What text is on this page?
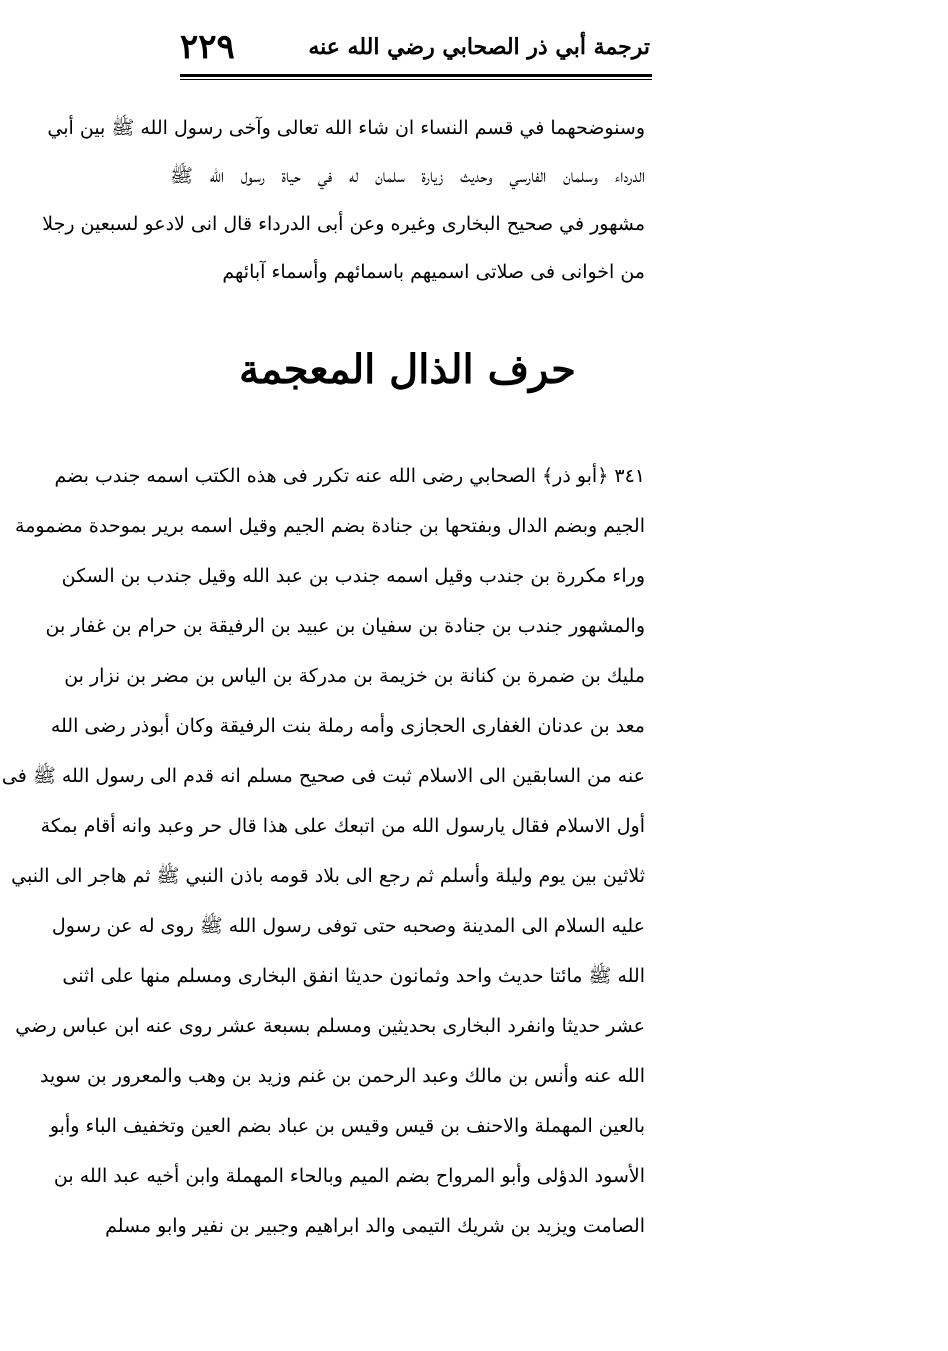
ترجمة أبي ذر الصحابي رضي الله عنه
٢٢٩
وسنوضحهما في قسم النساء ان شاء الله تعالى وآخى رسول الله ﷺ بين أبي
الدرداء وسلمان الفارسي وحديث زيارة سلمان له في حياة رسول الله ﷺ
مشهور في صحيح البخارى وغيره وعن أبى الدرداء قال انى لادعو لسبعين رجلا
من اخوانى فى صلاتى اسميهم باسمائهم وأسماء آبائهم
حرف الذال المعجمة
٣٤١ ﴿أبو ذر﴾ الصحابي رضى الله عنه تكرر فى هذه الكتب اسمه جندب بضم
الجيم وبضم الدال وبفتحها بن جنادة بضم الجيم وقيل اسمه برير بموحدة مضمومة
وراء مكررة بن جندب وقيل اسمه جندب بن عبد الله وقيل جندب بن السكن
والمشهور جندب بن جنادة بن سفيان بن عبيد بن الرفيقة بن حرام بن غفار بن
مليك بن ضمرة بن كنانة بن خزيمة بن مدركة بن الياس بن مضر بن نزار بن
معد بن عدنان الغفارى الحجازى وأمه رملة بنت الرفيقة وكان أبوذر رضى الله
عنه من السابقين الى الاسلام ثبت فى صحيح مسلم انه قدم الى رسول الله ﷺ فى
أول الاسلام فقال يارسول الله من اتبعك على هذا قال حر وعبد وانه أقام بمكة
ثلاثين بين يوم وليلة وأسلم ثم رجع الى بلاد قومه باذن النبي ﷺ ثم هاجر الى النبي
عليه السلام الى المدينة وصحبه حتى توفى رسول الله ﷺ روى له عن رسول
الله ﷺ مائتا حديث واحد وثمانون حديثا انفق البخارى ومسلم منها على اثنى
عشر حديثا وانفرد البخارى بحديثين ومسلم بسبعة عشر روى عنه ابن عباس رضي
الله عنه وأنس بن مالك وعبد الرحمن بن غنم وزيد بن وهب والمعرور بن سويد
بالعين المهملة والاحنف بن قيس وقيس بن عباد بضم العين وتخفيف الباء وأبو
الأسود الدؤلى وأبو المرواح بضم الميم وبالحاء المهملة وابن أخيه عبد الله بن
الصامت ويزيد بن شريك التيمى والد ابراهيم وجبير بن نفير وابو مسلم
